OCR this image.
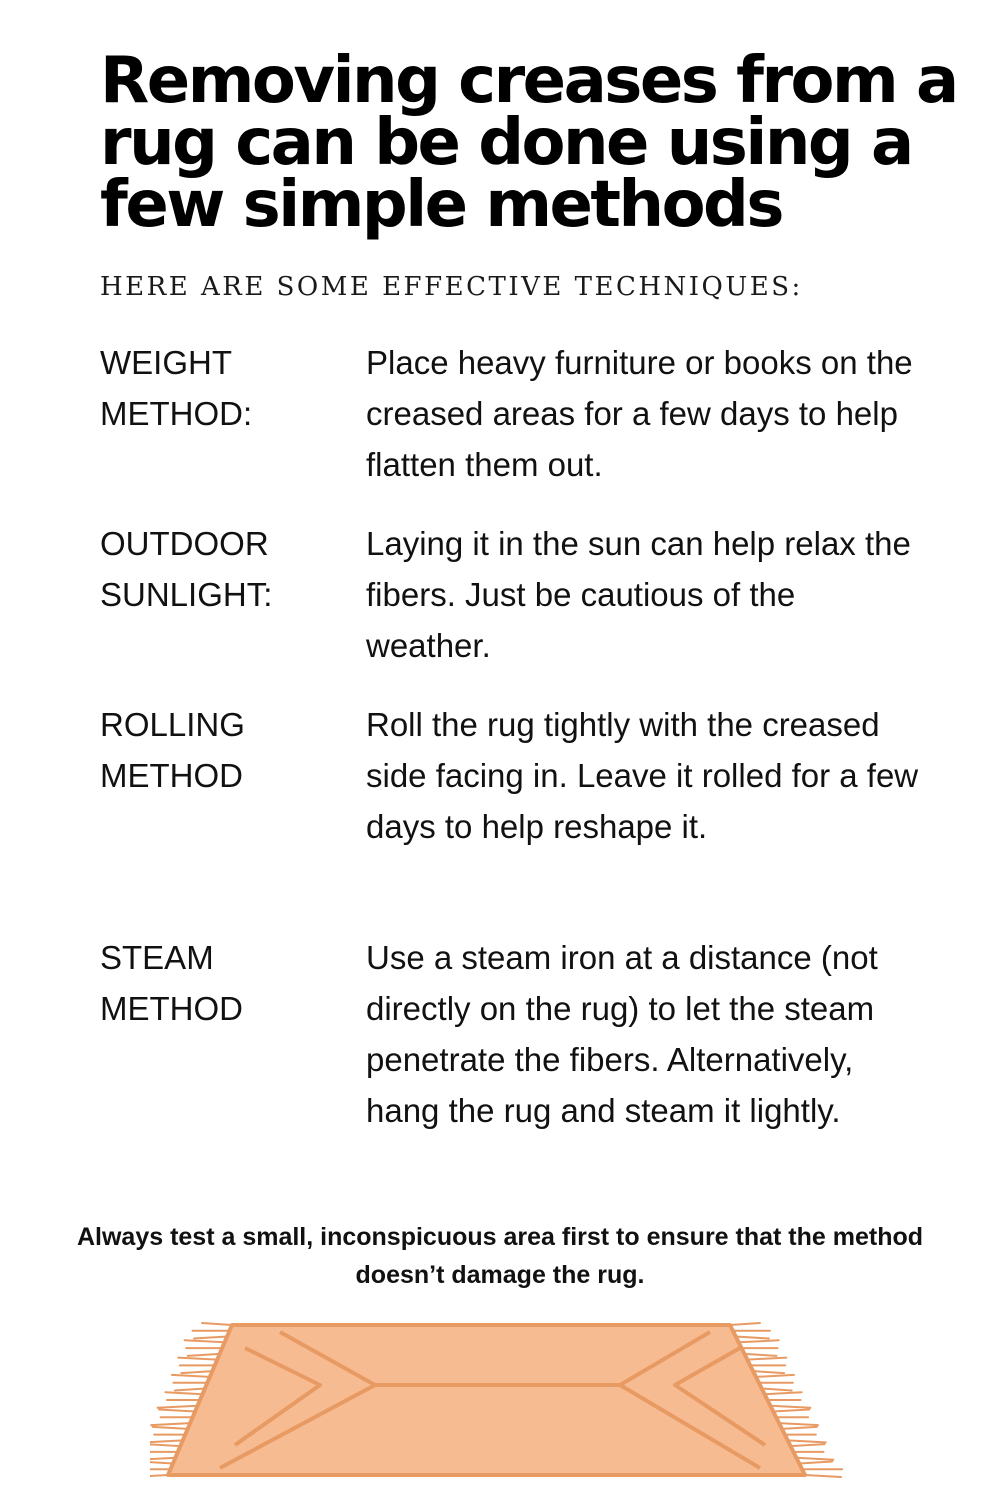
Removing creases from a rug can be done using a few simple methods
HERE ARE SOME EFFECTIVE TECHNIQUES:
WEIGHT METHOD:
Place heavy furniture or books on the creased areas for a few days to help flatten them out.
OUTDOOR SUNLIGHT:
Laying it in the sun can help relax the fibers. Just be cautious of the weather.
ROLLING METHOD
Roll the rug tightly with the creased side facing in. Leave it rolled for a few days to help reshape it.
STEAM METHOD
Use a steam iron at a distance (not directly on the rug) to let the steam penetrate the fibers. Alternatively, hang the rug and steam it lightly.
Always test a small, inconspicuous area first to ensure that the method doesn’t damage the rug.
